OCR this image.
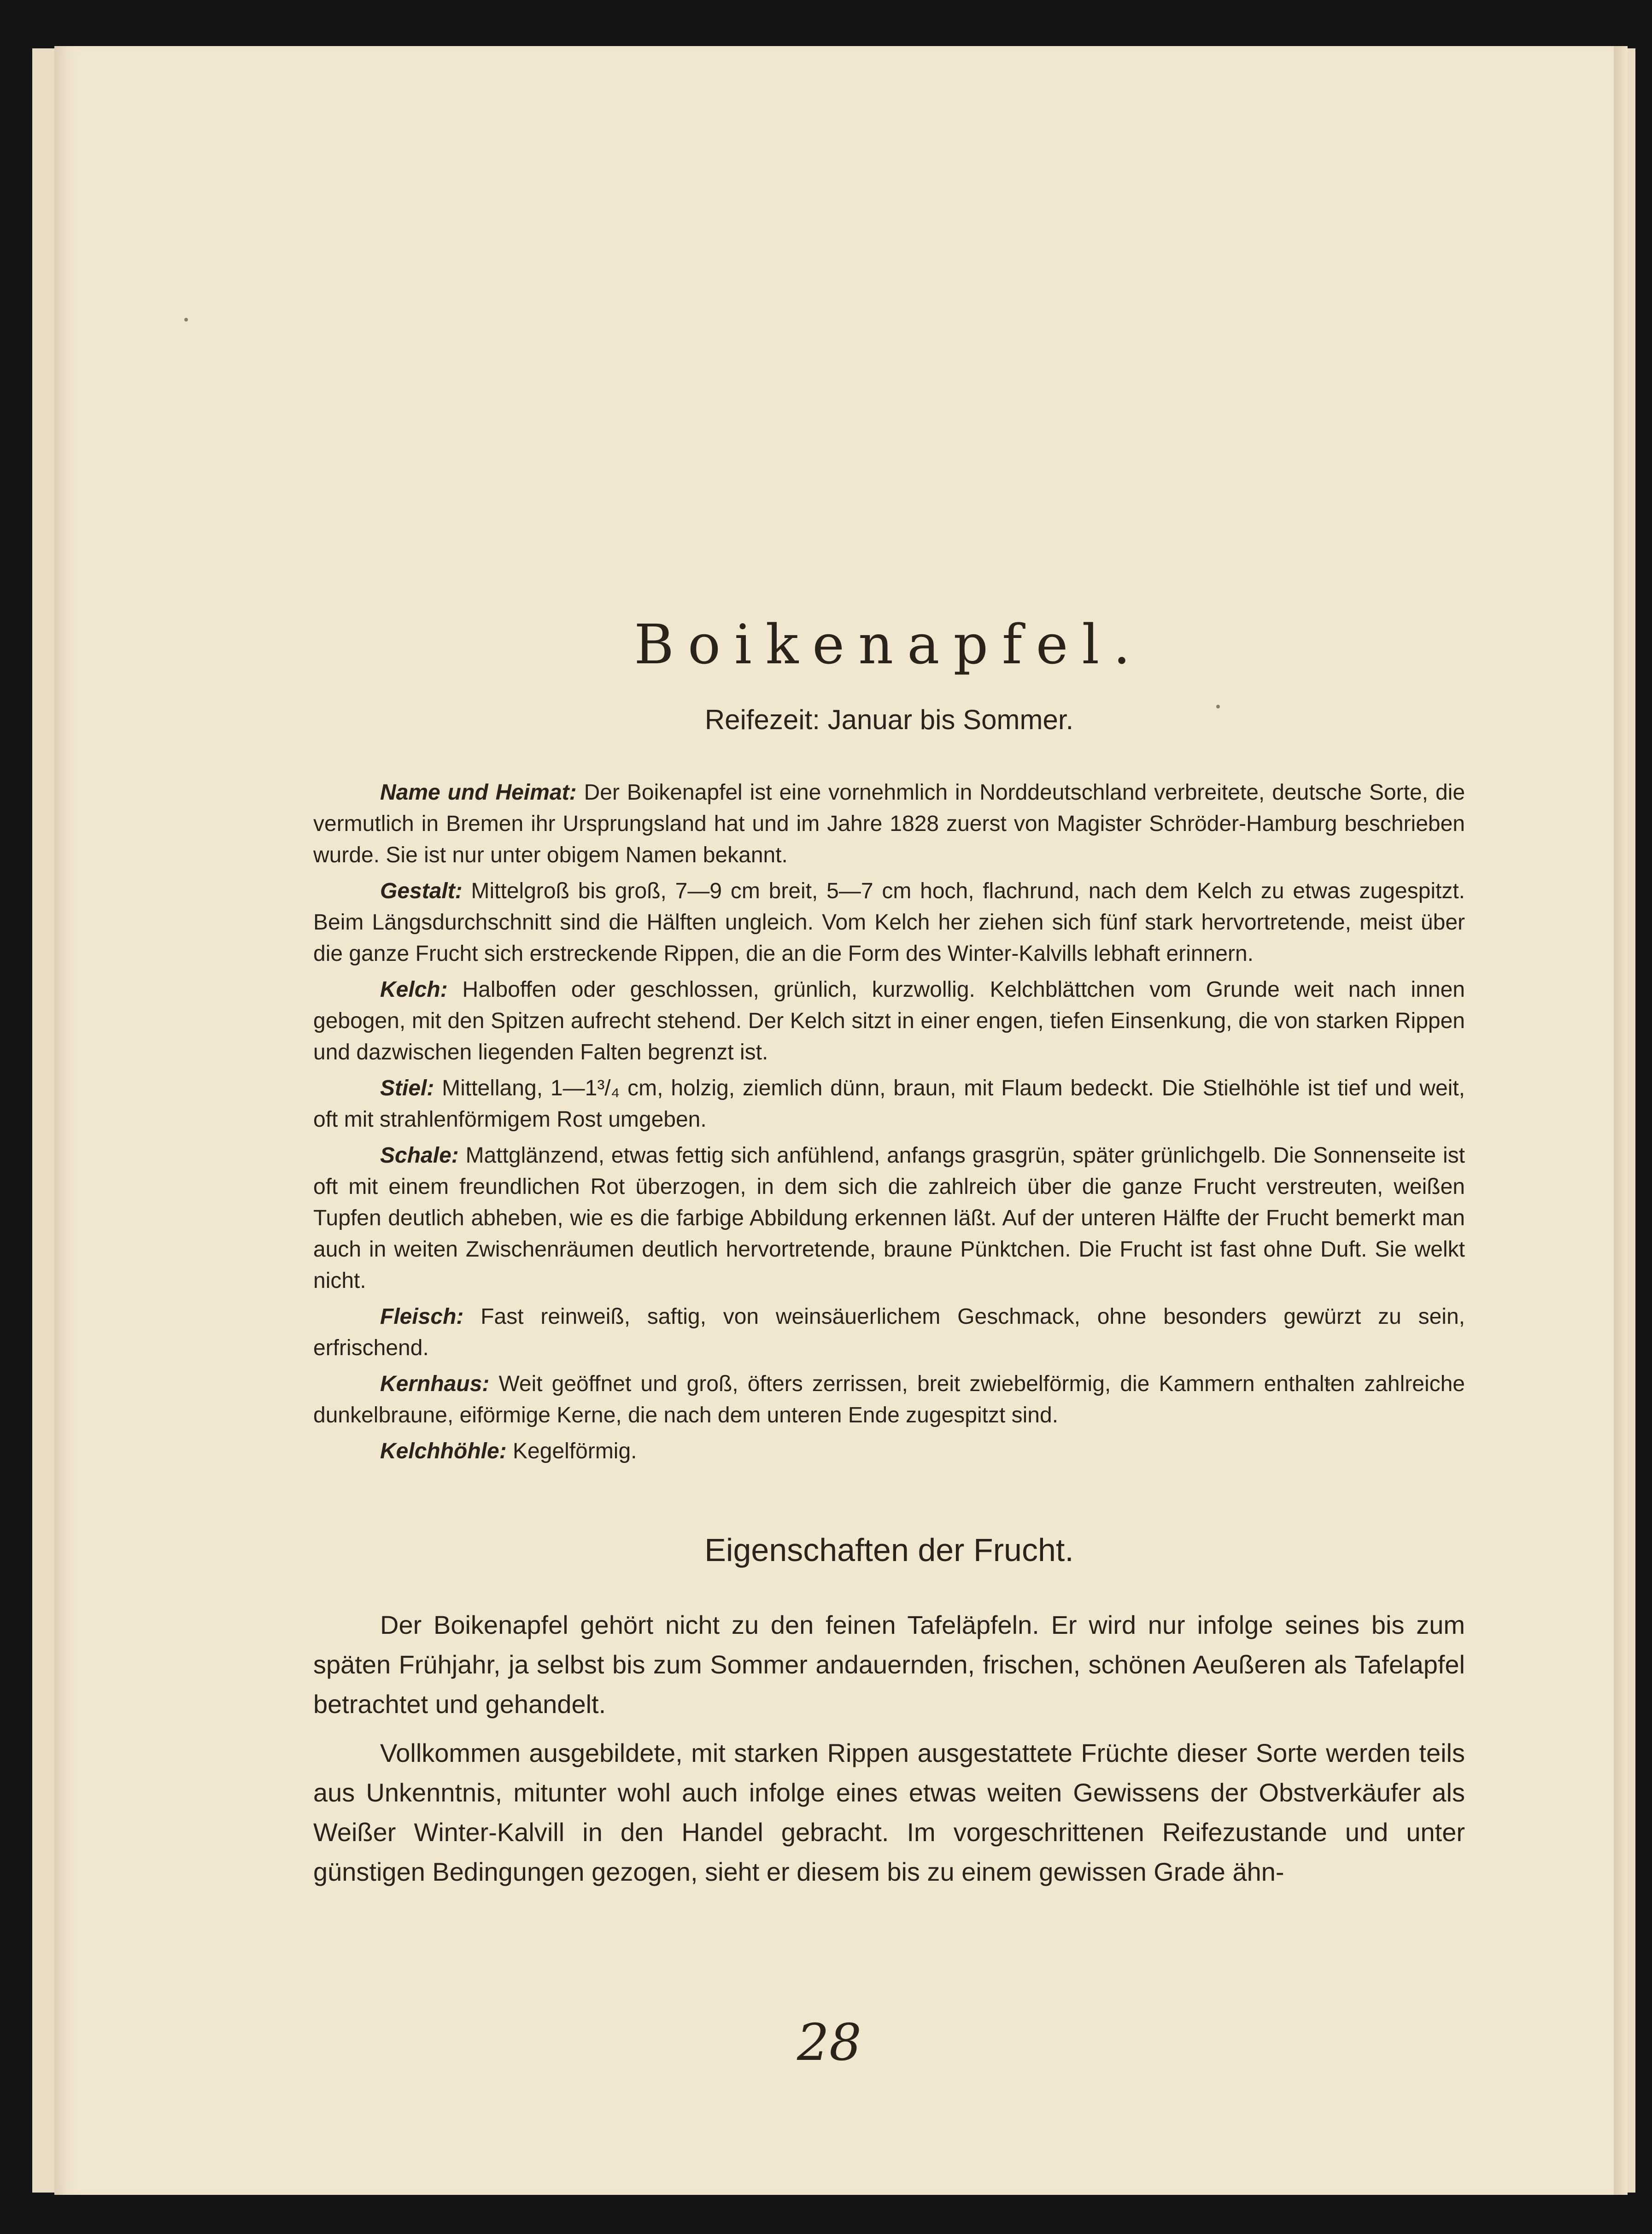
Boikenapfel.
Reifezeit: Januar bis Sommer.

Name und Heimat: Der Boikenapfel ist eine vornehmlich in Norddeutschland verbreitete, deutsche Sorte, die vermutlich in Bremen ihr Ursprungsland hat und im Jahre 1828 zuerst von Magister Schröder-Hamburg beschrieben wurde. Sie ist nur unter obigem Namen bekannt.

Gestalt: Mittelgroß bis groß, 7—9 cm breit, 5—7 cm hoch, flachrund, nach dem Kelch zu etwas zugespitzt. Beim Längsdurchschnitt sind die Hälften ungleich. Vom Kelch her ziehen sich fünf stark hervortretende, meist über die ganze Frucht sich erstreckende Rippen, die an die Form des Winter-Kalvills lebhaft erinnern.

Kelch: Halboffen oder geschlossen, grünlich, kurzwollig. Kelchblättchen vom Grunde weit nach innen gebogen, mit den Spitzen aufrecht stehend. Der Kelch sitzt in einer engen, tiefen Einsenkung, die von starken Rippen und dazwischen liegenden Falten begrenzt ist.

Stiel: Mittellang, 1—1³/₄ cm, holzig, ziemlich dünn, braun, mit Flaum bedeckt. Die Stielhöhle ist tief und weit, oft mit strahlenförmigem Rost umgeben.

Schale: Mattglänzend, etwas fettig sich anfühlend, anfangs grasgrün, später grünlichgelb. Die Sonnenseite ist oft mit einem freundlichen Rot überzogen, in dem sich die zahlreich über die ganze Frucht verstreuten, weißen Tupfen deutlich abheben, wie es die farbige Abbildung erkennen läßt. Auf der unteren Hälfte der Frucht bemerkt man auch in weiten Zwischenräumen deutlich hervortretende, braune Pünktchen. Die Frucht ist fast ohne Duft. Sie welkt nicht.

Fleisch: Fast reinweiß, saftig, von weinsäuerlichem Geschmack, ohne besonders gewürzt zu sein, erfrischend.

Kernhaus: Weit geöffnet und groß, öfters zerrissen, breit zwiebelförmig, die Kammern enthalten zahlreiche dunkelbraune, eiförmige Kerne, die nach dem unteren Ende zugespitzt sind.

Kelchhöhle: Kegelförmig.

Eigenschaften der Frucht.

Der Boikenapfel gehört nicht zu den feinen Tafeläpfeln. Er wird nur infolge seines bis zum späten Frühjahr, ja selbst bis zum Sommer andauernden, frischen, schönen Aeußeren als Tafelapfel betrachtet und gehandelt.

Vollkommen ausgebildete, mit starken Rippen ausgestattete Früchte dieser Sorte werden teils aus Unkenntnis, mitunter wohl auch infolge eines etwas weiten Gewissens der Obstverkäufer als Weißer Winter-Kalvill in den Handel gebracht. Im vorgeschrittenen Reifezustande und unter günstigen Bedingungen gezogen, sieht er diesem bis zu einem gewissen Grade ähn-

28
